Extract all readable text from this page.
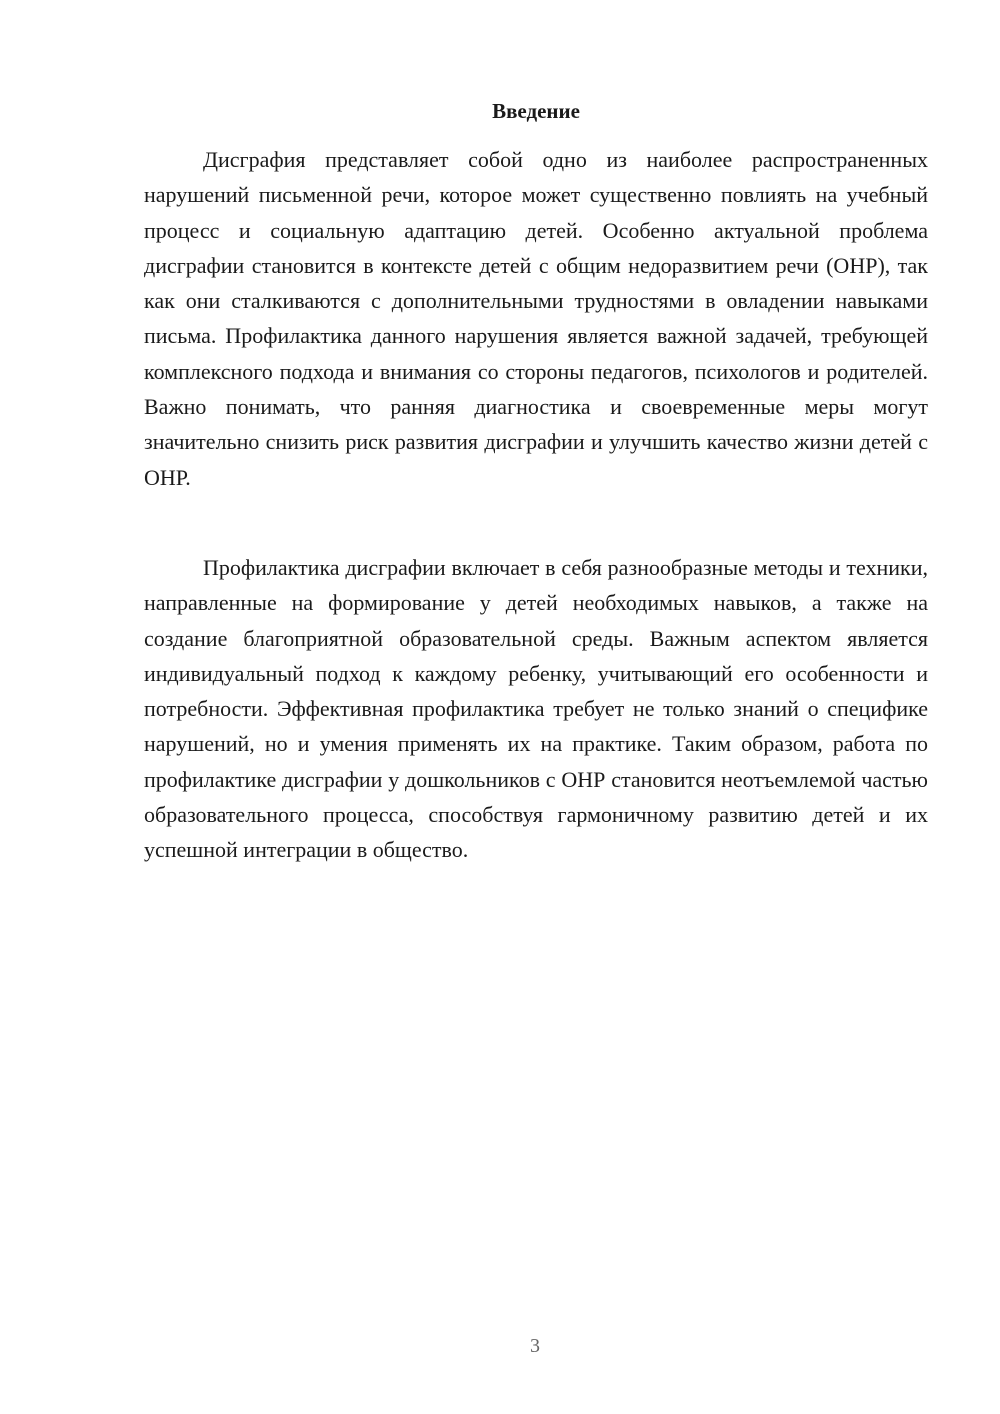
Введение

Дисграфия представляет собой одно из наиболее распространенных нарушений письменной речи, которое может существенно повлиять на учебный процесс и социальную адаптацию детей. Особенно актуальной проблема дисграфии становится в контексте детей с общим недоразвитием речи (ОНР), так как они сталкиваются с дополнительными трудностями в овладении навыками письма. Профилактика данного нарушения является важной задачей, требующей комплексного подхода и внимания со стороны педагогов, психологов и родителей. Важно понимать, что ранняя диагностика и своевременные меры могут значительно снизить риск развития дисграфии и улучшить качество жизни детей с ОНР.

Профилактика дисграфии включает в себя разнообразные методы и техники, направленные на формирование у детей необходимых навыков, а также на создание благоприятной образовательной среды. Важным аспектом является индивидуальный подход к каждому ребенку, учитывающий его особенности и потребности. Эффективная профилактика требует не только знаний о специфике нарушений, но и умения применять их на практике. Таким образом, работа по профилактике дисграфии у дошкольников с ОНР становится неотъемлемой частью образовательного процесса, способствуя гармоничному развитию детей и их успешной интеграции в общество.

3
